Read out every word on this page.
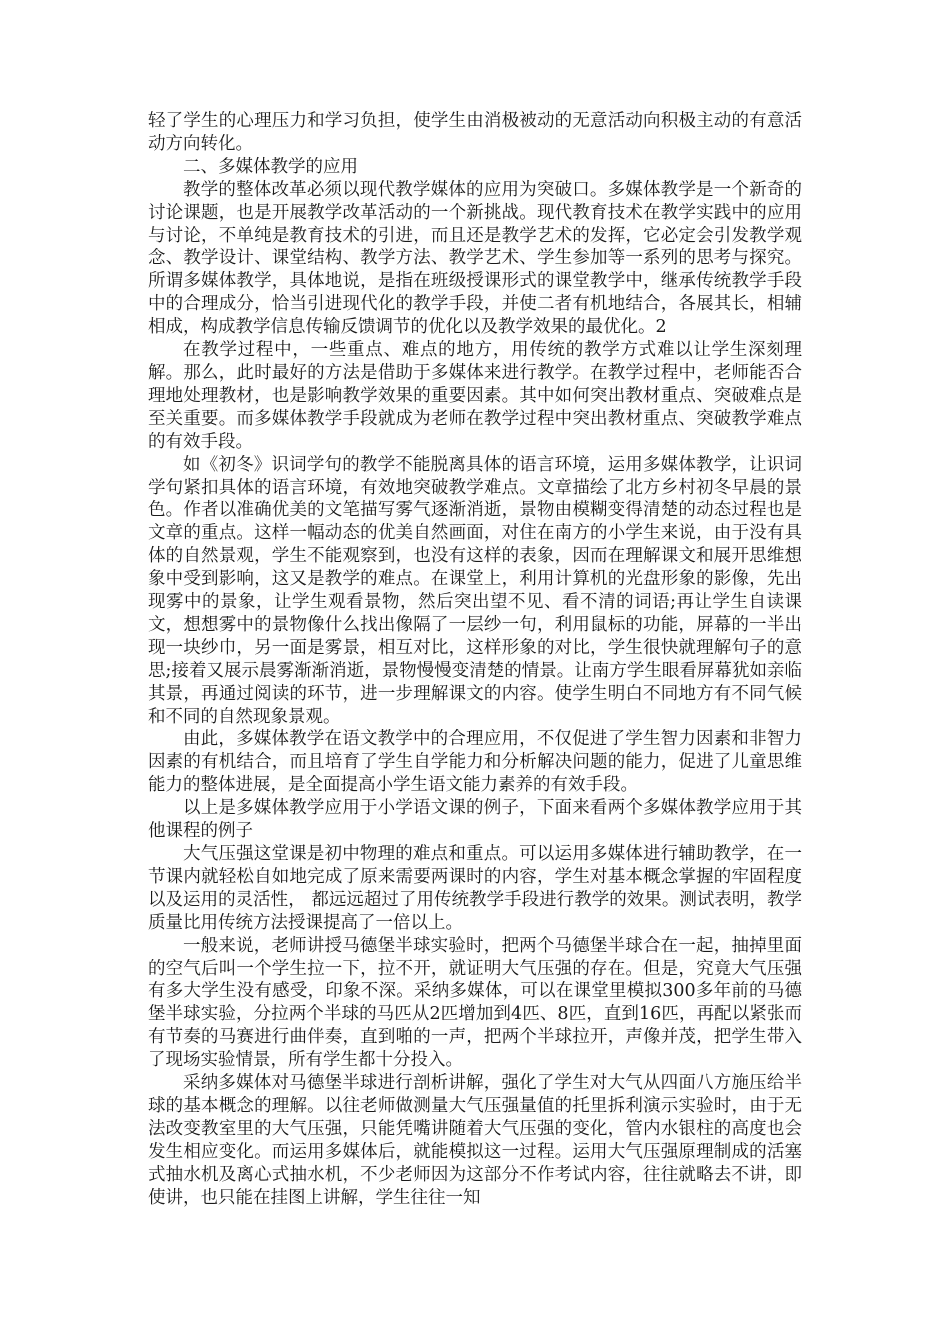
轻了学生的心理压力和学习负担，使学生由消极被动的无意活动向积极主动的有意活动方向转化。

二、多媒体教学的应用

教学的整体改革必须以现代教学媒体的应用为突破口。多媒体教学是一个新奇的讨论课题，也是开展教学改革活动的一个新挑战。现代教育技术在教学实践中的应用与讨论，不单纯是教育技术的引进，而且还是教学艺术的发挥，它必定会引发教学观念、教学设计、课堂结构、教学方法、教学艺术、学生参加等一系列的思考与探究。所谓多媒体教学，具体地说，是指在班级授课形式的课堂教学中，继承传统教学手段中的合理成分，恰当引进现代化的教学手段，并使二者有机地结合，各展其长，相辅相成，构成教学信息传输反馈调节的优化以及教学效果的最优化。2

在教学过程中，一些重点、难点的地方，用传统的教学方式难以让学生深刻理解。那么，此时最好的方法是借助于多媒体来进行教学。在教学过程中，老师能否合理地处理教材，也是影响教学效果的重要因素。其中如何突出教材重点、突破难点是至关重要。而多媒体教学手段就成为老师在教学过程中突出教材重点、突破教学难点的有效手段。

如《初冬》识词学句的教学不能脱离具体的语言环境，运用多媒体教学，让识词学句紧扣具体的语言环境，有效地突破教学难点。文章描绘了北方乡村初冬早晨的景色。作者以准确优美的文笔描写雾气逐渐消逝，景物由模糊变得清楚的动态过程也是文章的重点。这样一幅动态的优美自然画面，对住在南方的小学生来说，由于没有具体的自然景观，学生不能观察到，也没有这样的表象，因而在理解课文和展开思维想象中受到影响，这又是教学的难点。在课堂上，利用计算机的光盘形象的影像，先出现雾中的景象，让学生观看景物，然后突出望不见、看不清的词语;再让学生自读课文，想想雾中的景物像什么找出像隔了一层纱一句，利用鼠标的功能，屏幕的一半出现一块纱巾，另一面是雾景，相互对比，这样形象的对比，学生很快就理解句子的意思;接着又展示晨雾渐渐消逝，景物慢慢变清楚的情景。让南方学生眼看屏幕犹如亲临其景，再通过阅读的环节，进一步理解课文的内容。使学生明白不同地方有不同气候和不同的自然现象景观。

由此，多媒体教学在语文教学中的合理应用，不仅促进了学生智力因素和非智力因素的有机结合，而且培育了学生自学能力和分析解决问题的能力，促进了儿童思维能力的整体进展，是全面提高小学生语文能力素养的有效手段。

以上是多媒体教学应用于小学语文课的例子，下面来看两个多媒体教学应用于其他课程的例子

大气压强这堂课是初中物理的难点和重点。可以运用多媒体进行辅助教学，在一节课内就轻松自如地完成了原来需要两课时的内容，学生对基本概念掌握的牢固程度以及运用的灵活性， 都远远超过了用传统教学手段进行教学的效果。测试表明，教学质量比用传统方法授课提高了一倍以上。

一般来说，老师讲授马德堡半球实验时，把两个马德堡半球合在一起，抽掉里面的空气后叫一个学生拉一下，拉不开，就证明大气压强的存在。但是，究竟大气压强有多大学生没有感受，印象不深。采纳多媒体，可以在课堂里模拟300多年前的马德堡半球实验，分拉两个半球的马匹从2匹增加到4匹、8匹，直到16匹，再配以紧张而有节奏的马赛进行曲伴奏，直到啪的一声，把两个半球拉开，声像并茂，把学生带入了现场实验情景，所有学生都十分投入。

采纳多媒体对马德堡半球进行剖析讲解，强化了学生对大气从四面八方施压给半球的基本概念的理解。以往老师做测量大气压强量值的托里拆利演示实验时，由于无法改变教室里的大气压强，只能凭嘴讲随着大气压强的变化，管内水银柱的高度也会发生相应变化。而运用多媒体后，就能模拟这一过程。运用大气压强原理制成的活塞式抽水机及离心式抽水机，不少老师因为这部分不作考试内容，往往就略去不讲，即使讲，也只能在挂图上讲解，学生往往一知
